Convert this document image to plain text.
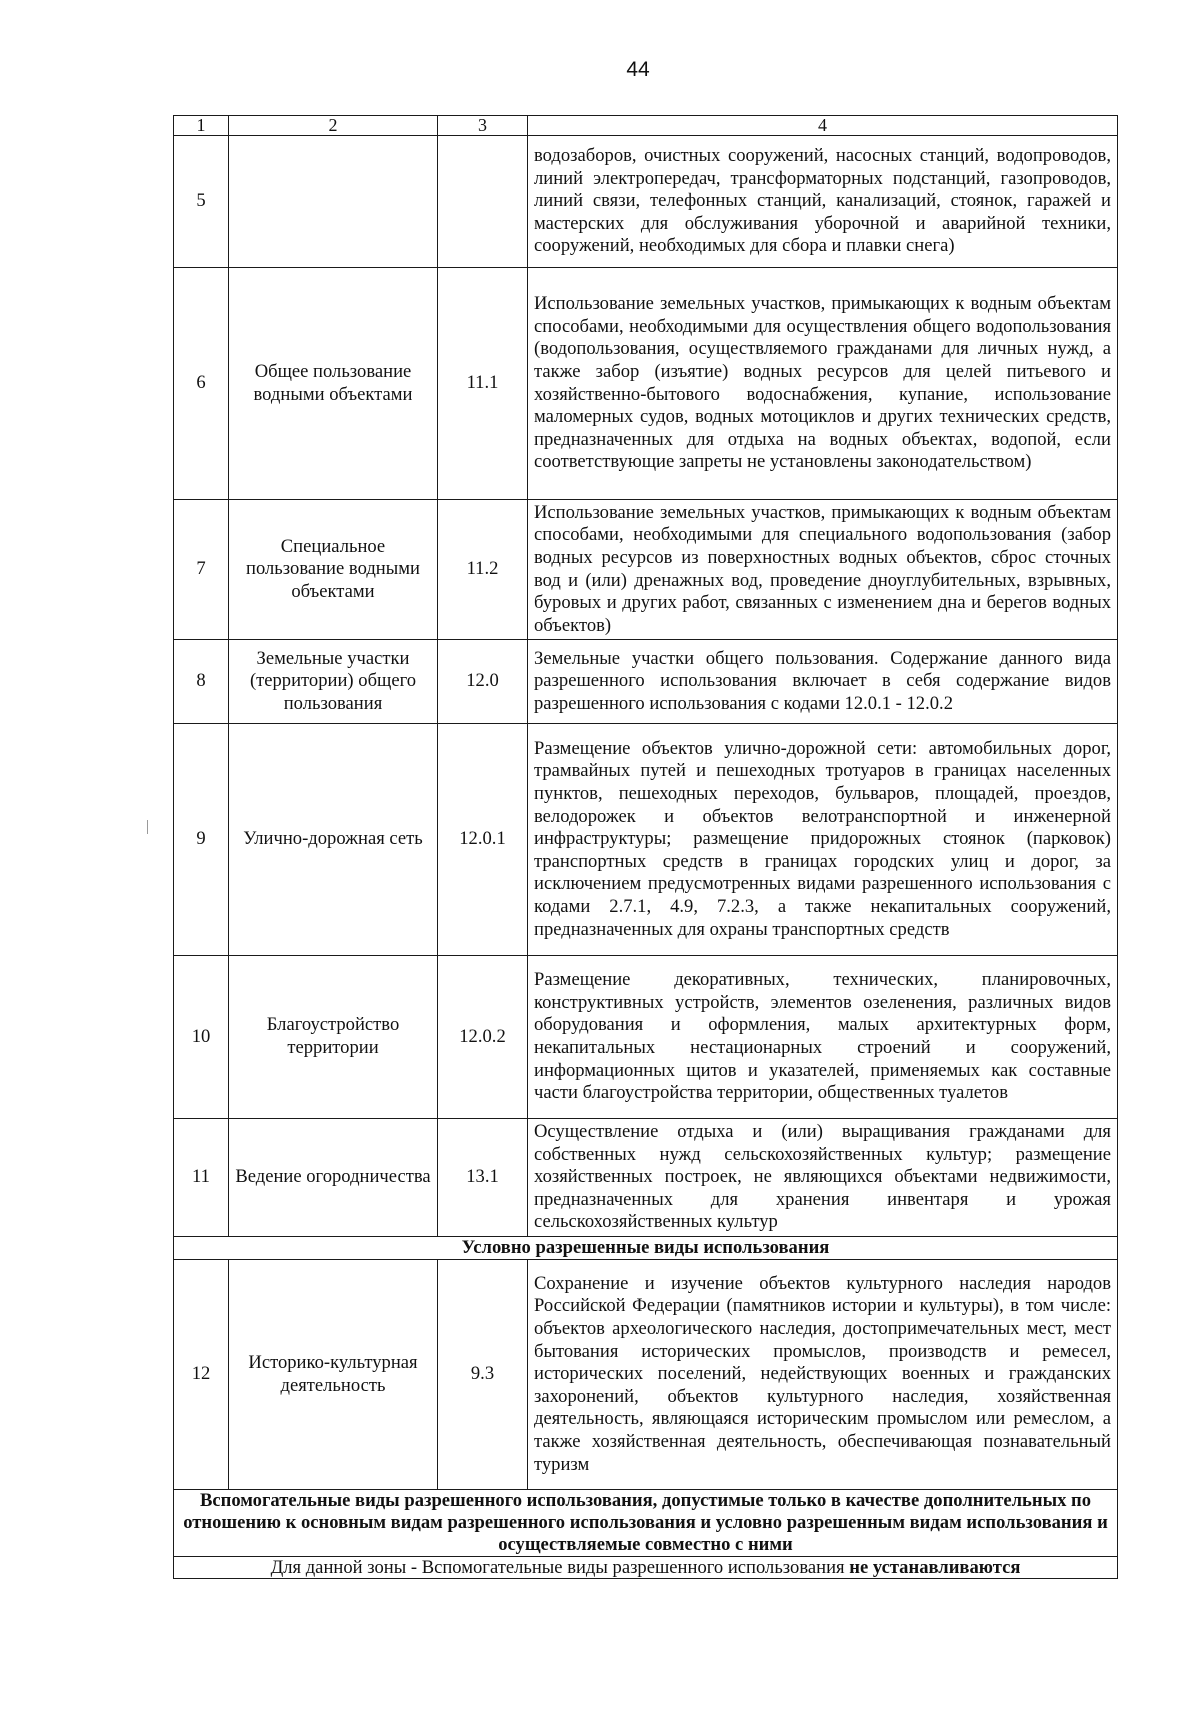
44
1	2	3	4
5			водозаборов, очистных сооружений, насосных станций, водопроводов, линий электропередач, трансформаторных подстанций, газопроводов, линий связи, телефонных станций, канализаций, стоянок, гаражей и мастерских для обслуживания уборочной и аварийной техники, сооружений, необходимых для сбора и плавки снега)
6	Общее пользование водными объектами	11.1	Использование земельных участков, примыкающих к водным объектам способами, необходимыми для осуществления общего водопользования (водопользования, осуществляемого гражданами для личных нужд, а также забор (изъятие) водных ресурсов для целей питьевого и хозяйственно-бытового водоснабжения, купание, использование маломерных судов, водных мотоциклов и других технических средств, предназначенных для отдыха на водных объектах, водопой, если соответствующие запреты не установлены законодательством)
7	Специальное пользование водными объектами	11.2	Использование земельных участков, примыкающих к водным объектам способами, необходимыми для специального водопользования (забор водных ресурсов из поверхностных водных объектов, сброс сточных вод и (или) дренажных вод, проведение дноуглубительных, взрывных, буровых и других работ, связанных с изменением дна и берегов водных объектов)
8	Земельные участки (территории) общего пользования	12.0	Земельные участки общего пользования. Содержание данного вида разрешенного использования включает в себя содержание видов разрешенного использования с кодами 12.0.1 - 12.0.2
9	Улично-дорожная сеть	12.0.1	Размещение объектов улично-дорожной сети: автомобильных дорог, трамвайных путей и пешеходных тротуаров в границах населенных пунктов, пешеходных переходов, бульваров, площадей, проездов, велодорожек и объектов велотранспортной и инженерной инфраструктуры; размещение придорожных стоянок (парковок) транспортных средств в границах городских улиц и дорог, за исключением предусмотренных видами разрешенного использования с кодами 2.7.1, 4.9, 7.2.3, а также некапитальных сооружений, предназначенных для охраны транспортных средств
10	Благоустройство территории	12.0.2	Размещение декоративных, технических, планировочных, конструктивных устройств, элементов озеленения, различных видов оборудования и оформления, малых архитектурных форм, некапитальных нестационарных строений и сооружений, информационных щитов и указателей, применяемых как составные части благоустройства территории, общественных туалетов
11	Ведение огородничества	13.1	Осуществление отдыха и (или) выращивания гражданами для собственных нужд сельскохозяйственных культур; размещение хозяйственных построек, не являющихся объектами недвижимости, предназначенных для хранения инвентаря и урожая сельскохозяйственных культур
Условно разрешенные виды использования			
12	Историко-культурная деятельность	9.3	Сохранение и изучение объектов культурного наследия народов Российской Федерации (памятников истории и культуры), в том числе: объектов археологического наследия, достопримечательных мест, мест бытования исторических промыслов, производств и ремесел, исторических поселений, недействующих военных и гражданских захоронений, объектов культурного наследия, хозяйственная деятельность, являющаяся историческим промыслом или ремеслом, а также хозяйственная деятельность, обеспечивающая познавательный туризм
Вспомогательные виды разрешенного использования, допустимые только в качестве дополнительных по отношению к основным видам разрешенного использования и условно разрешенным видам использования и осуществляемые совместно с ними			
Для данной зоны - Вспомогательные виды разрешенного использования не устанавливаются			
